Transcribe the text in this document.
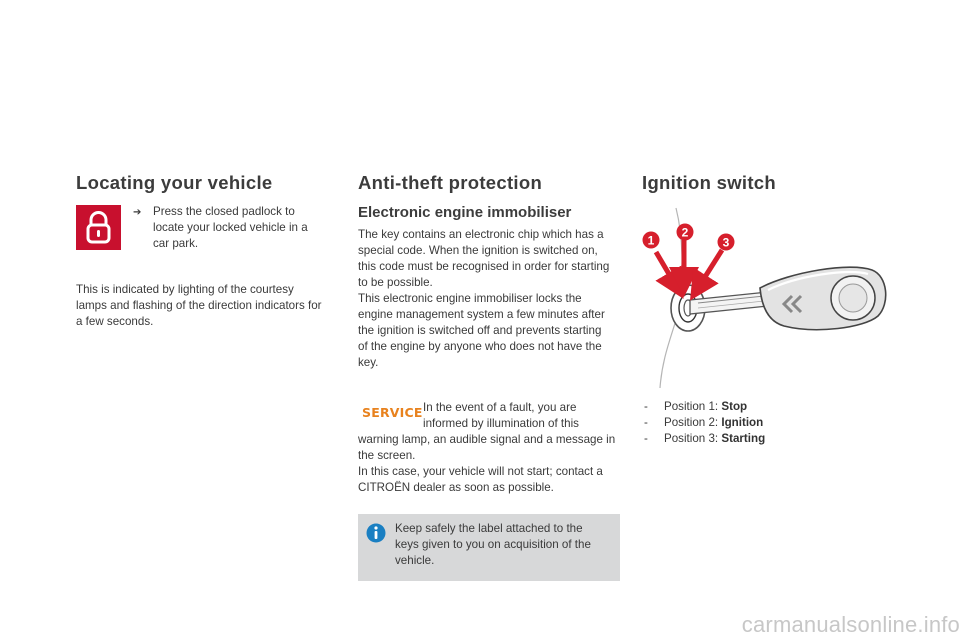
Locating your vehicle
➔ Press the closed padlock to locate your locked vehicle in a car park.
This is indicated by lighting of the courtesy lamps and flashing of the direction indicators for a few seconds.
Anti-theft protection
Electronic engine immobiliser

The key contains an electronic chip which has a special code. When the ignition is switched on, this code must be recognised in order for starting to be possible.

This electronic engine immobiliser locks the engine management system a few minutes after the ignition is switched off and prevents starting of the engine by anyone who does not have the key.

SERVICE In the event of a fault, you are

informed by illumination of this

warning lamp, an audible signal and a message in the screen.

In this case, your vehicle will not start; contact a CITROËN dealer as soon as possible.

Keep safely the label attached to the keys given to you on acquisition of the vehicle.
Ignition switch
1
2
3
- Position 1: Stop
- Position 2: Ignition
- Position 3: Starting
carmanualsonline.info
